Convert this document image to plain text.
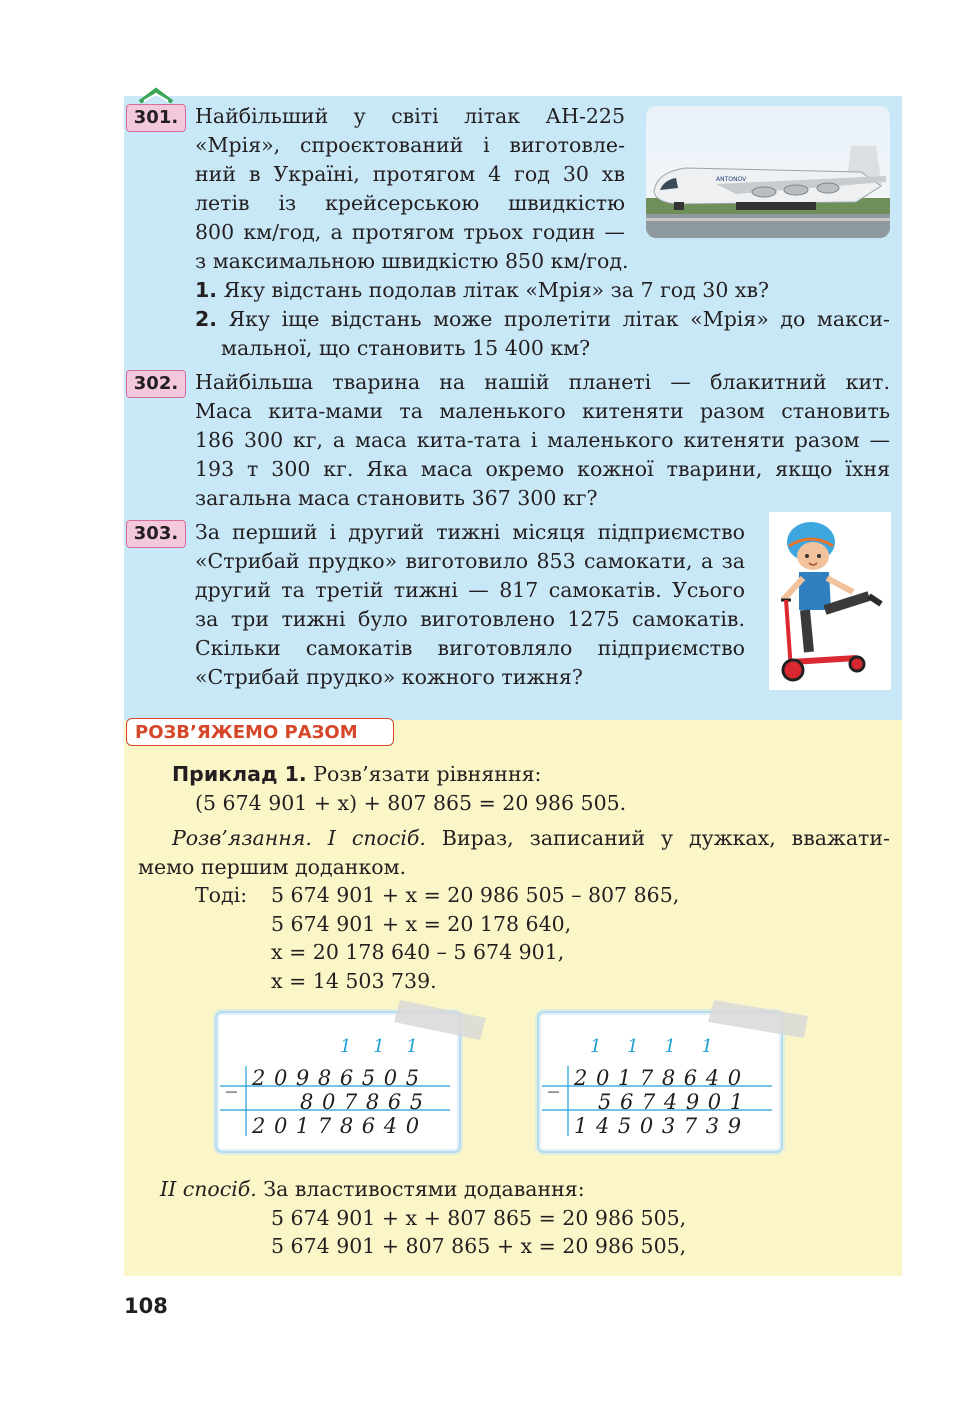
301. Найбільший у світі літак АН-225
«Мрія», спроєктований і виготовле-
ний в Україні, протягом 4 год 30 хв
летів із крейсерською швидкістю
800 км/год, а протягом трьох годин —
з максимальною швидкістю 850 км/год.
1. Яку відстань подолав літак «Мрія» за 7 год 30 хв?
2. Яку іще відстань може пролетіти літак «Мрія» до макси-
мальної, що становить 15 400 км?
ANTONOV
302. Найбільша тварина на нашій планеті — блакитний кит.
Маса кита-мами та маленького китеняти разом становить
186 300 кг, а маса кита-тата і маленького китеняти разом —
193 т 300 кг. Яка маса окремо кожної тварини, якщо їхня
загальна маса становить 367 300 кг?
303. За перший і другий тижні місяця підприємство
«Стрибай прудко» виготовило 853 самокати, а за
другий та третій тижні — 817 самокатів. Усього
за три тижні було виготовлено 1275 самокатів.
Скільки самокатів виготовляло підприємство
«Стрибай прудко» кожного тижня?
РОЗВ’ЯЖЕМО РАЗОМ
Приклад 1. Розв’язати рівняння:
(5 674 901 + x) + 807 865 = 20 986 505.
Розв’язання. I спосіб. Вираз, записаний у дужках, вважати-
мемо першим доданком.
Тоді: 5 674 901 + x = 20 986 505 – 807 865,
5 674 901 + x = 20 178 640,
x = 20 178 640 – 5 674 901,
x = 14 503 739.
1 1 1
_ 20986505
807865
20178640
1 1 1 1
_ 20178640
5674901
14503739
II спосіб. За властивостями додавання:
5 674 901 + x + 807 865 = 20 986 505,
5 674 901 + 807 865 + x = 20 986 505,
108
